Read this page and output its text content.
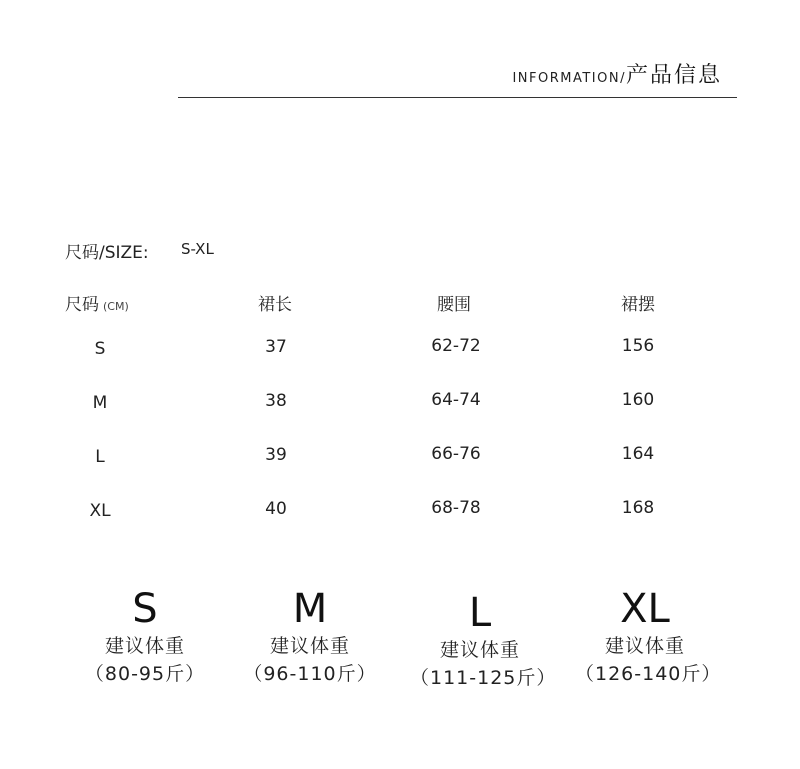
INFORMATION/产品信息
尺码/SIZE: S-XL
尺码 (CM)	裙长	腰围	裙摆
S	37	62-72	156
M	38	64-74	160
L	39	66-76	164
XL	40	68-78	168
S
建议体重
（80-95斤）
M
建议体重
（96-110斤）
L
建议体重
（111-125斤）
XL
建议体重
（126-140斤）
